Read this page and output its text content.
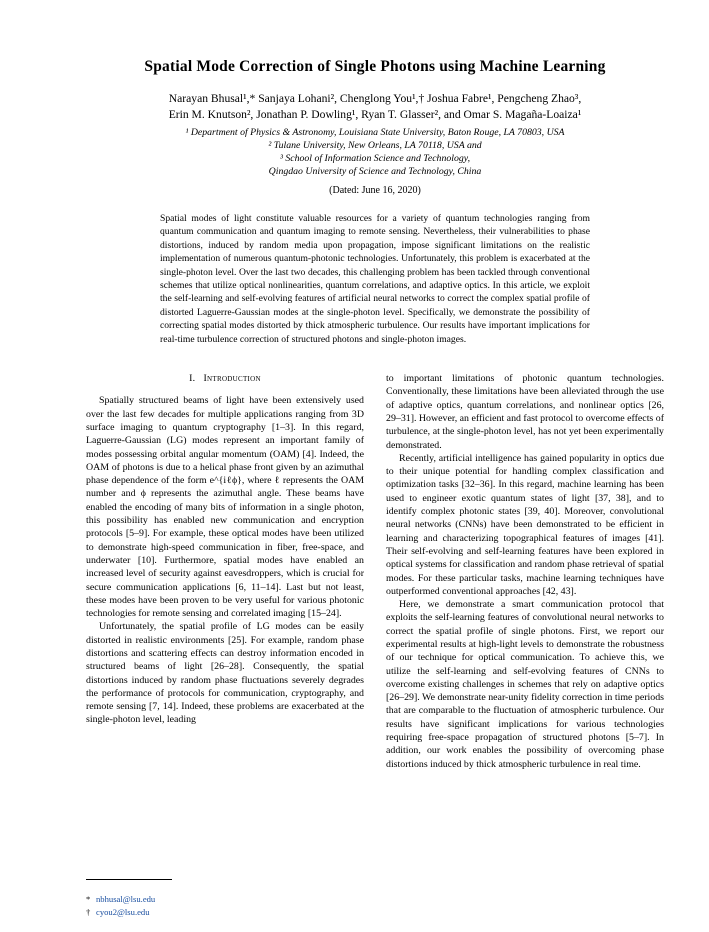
Spatial Mode Correction of Single Photons using Machine Learning
Narayan Bhusal¹,* Sanjaya Lohani², Chenglong You¹,† Joshua Fabre¹, Pengcheng Zhao³,
Erin M. Knutson², Jonathan P. Dowling¹, Ryan T. Glasser², and Omar S. Magaña-Loaiza¹
¹ Department of Physics & Astronomy, Louisiana State University, Baton Rouge, LA 70803, USA
² Tulane University, New Orleans, LA 70118, USA and
³ School of Information Science and Technology,
Qingdao University of Science and Technology, China
(Dated: June 16, 2020)
Spatial modes of light constitute valuable resources for a variety of quantum technologies ranging from quantum communication and quantum imaging to remote sensing. Nevertheless, their vulnerabilities to phase distortions, induced by random media upon propagation, impose significant limitations on the realistic implementation of numerous quantum-photonic technologies. Unfortunately, this problem is exacerbated at the single-photon level. Over the last two decades, this challenging problem has been tackled through conventional schemes that utilize optical nonlinearities, quantum correlations, and adaptive optics. In this article, we exploit the self-learning and self-evolving features of artificial neural networks to correct the complex spatial profile of distorted Laguerre-Gaussian modes at the single-photon level. Specifically, we demonstrate the possibility of correcting spatial modes distorted by thick atmospheric turbulence. Our results have important implications for real-time turbulence correction of structured photons and single-photon images.
I. Introduction

Spatially structured beams of light have been extensively used over the last few decades for multiple applications ranging from 3D surface imaging to quantum cryptography [1–3]. In this regard, Laguerre-Gaussian (LG) modes represent an important family of modes possessing orbital angular momentum (OAM) [4]. Indeed, the OAM of photons is due to a helical phase front given by an azimuthal phase dependence of the form e^{iℓϕ}, where ℓ represents the OAM number and ϕ represents the azimuthal angle. These beams have enabled the encoding of many bits of information in a single photon, this possibility has enabled new communication and encryption protocols [5–9]. For example, these optical modes have been utilized to demonstrate high-speed communication in fiber, free-space, and underwater [10]. Furthermore, spatial modes have enabled an increased level of security against eavesdroppers, which is crucial for secure communication applications [6, 11–14]. Last but not least, these modes have been proven to be very useful for various photonic technologies for remote sensing and correlated imaging [15–24].

Unfortunately, the spatial profile of LG modes can be easily distorted in realistic environments [25]. For example, random phase distortions and scattering effects can destroy information encoded in structured beams of light [26–28]. Consequently, the spatial distortions induced by random phase fluctuations severely degrades the performance of protocols for communication, cryptography, and remote sensing [7, 14]. Indeed, these problems are exacerbated at the single-photon level, leading

to important limitations of photonic quantum technologies. Conventionally, these limitations have been alleviated through the use of adaptive optics, quantum correlations, and nonlinear optics [26, 29–31]. However, an efficient and fast protocol to overcome effects of turbulence, at the single-photon level, has not yet been experimentally demonstrated.

Recently, artificial intelligence has gained popularity in optics due to their unique potential for handling complex classification and optimization tasks [32–36]. In this regard, machine learning has been used to engineer exotic quantum states of light [37, 38], and to identify complex photonic states [39, 40]. Moreover, convolutional neural networks (CNNs) have been demonstrated to be efficient in learning and characterizing topographical features of images [41]. Their self-evolving and self-learning features have been explored in optical systems for classification and random phase retrieval of spatial modes. For these particular tasks, machine learning techniques have outperformed conventional approaches [42, 43].

Here, we demonstrate a smart communication protocol that exploits the self-learning features of convolutional neural networks to correct the spatial profile of single photons. First, we report our experimental results at high-light levels to demonstrate the robustness of our technique for optical communication. To achieve this, we utilize the self-learning and self-evolving features of CNNs to overcome existing challenges in schemes that rely on adaptive optics [26–29]. We demonstrate near-unity fidelity correction in time periods that are comparable to the fluctuation of atmospheric turbulence. Our results have significant implications for various technologies requiring free-space propagation of structured photons [5–7]. In addition, our work enables the possibility of overcoming phase distortions induced by thick atmospheric turbulence in real time.

* nbhusal@lsu.edu
† cyou2@lsu.edu
